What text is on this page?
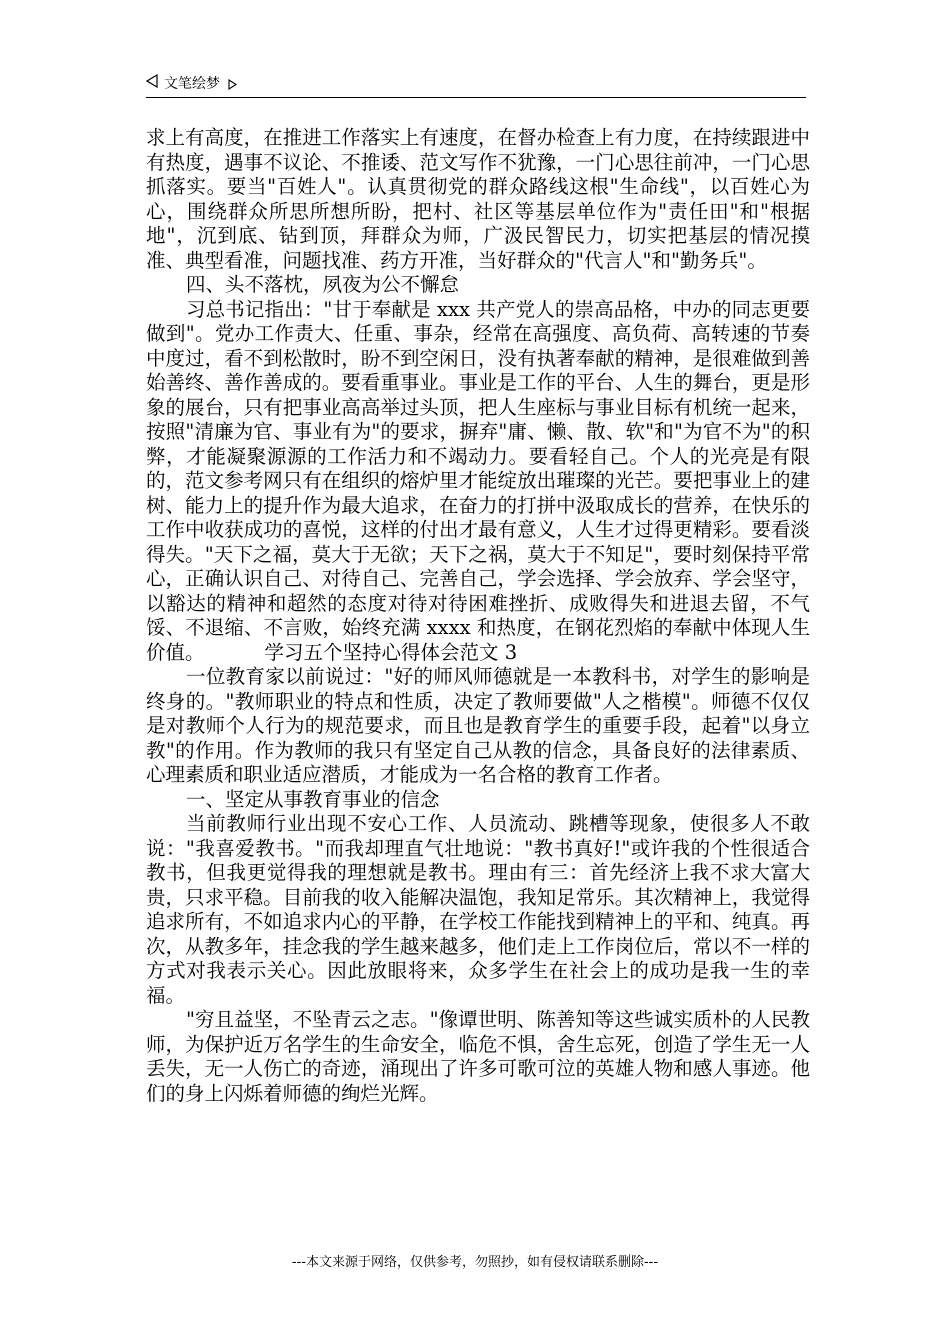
文笔绘梦

求上有高度，在推进工作落实上有速度，在督办检查上有力度，在持续跟进中有热度，遇事不议论、不推诿、范文写作不犹豫，一门心思往前冲，一门心思抓落实。要当"百姓人"。认真贯彻党的群众路线这根"生命线"，以百姓心为心，围绕群众所思所想所盼，把村、社区等基层单位作为"责任田"和"根据地"，沉到底、钻到顶，拜群众为师，广汲民智民力，切实把基层的情况摸准、典型看准，问题找准、药方开准，当好群众的"代言人"和"勤务兵"。

四、头不落枕，夙夜为公不懈怠

习总书记指出："甘于奉献是 xxx 共产党人的崇高品格，中办的同志更要做到"。党办工作责大、任重、事杂，经常在高强度、高负荷、高转速的节奏中度过，看不到松散时，盼不到空闲日，没有执著奉献的精神，是很难做到善始善终、善作善成的。要看重事业。事业是工作的平台、人生的舞台，更是形象的展台，只有把事业高高举过头顶，把人生座标与事业目标有机统一起来，按照"清廉为官、事业有为"的要求，摒弃"庸、懒、散、软"和"为官不为"的积弊，才能凝聚源源的工作活力和不竭动力。要看轻自己。个人的光亮是有限的，范文参考网只有在组织的熔炉里才能绽放出璀璨的光芒。要把事业上的建树、能力上的提升作为最大追求，在奋力的打拼中汲取成长的营养，在快乐的工作中收获成功的喜悦，这样的付出才最有意义，人生才过得更精彩。要看淡得失。"天下之福，莫大于无欲；天下之祸，莫大于不知足"，要时刻保持平常心，正确认识自己、对待自己、完善自己，学会选择、学会放弃、学会坚守，以豁达的精神和超然的态度对待对待困难挫折、成败得失和进退去留，不气馁、不退缩、不言败，始终充满 xxxx 和热度，在钢花烈焰的奉献中体现人生价值。	学习五个坚持心得体会范文 3

一位教育家以前说过："好的师风师德就是一本教科书，对学生的影响是终身的。"教师职业的特点和性质，决定了教师要做"人之楷模"。师德不仅仅是对教师个人行为的规范要求，而且也是教育学生的重要手段，起着"以身立教"的作用。作为教师的我只有坚定自己从教的信念，具备良好的法律素质、心理素质和职业适应潜质，才能成为一名合格的教育工作者。

一、坚定从事教育事业的信念

当前教师行业出现不安心工作、人员流动、跳槽等现象，使很多人不敢说："我喜爱教书。"而我却理直气壮地说："教书真好!"或许我的个性很适合教书，但我更觉得我的理想就是教书。理由有三：首先经济上我不求大富大贵，只求平稳。目前我的收入能解决温饱，我知足常乐。其次精神上，我觉得追求所有，不如追求内心的平静，在学校工作能找到精神上的平和、纯真。再次，从教多年，挂念我的学生越来越多，他们走上工作岗位后，常以不一样的方式对我表示关心。因此放眼将来，众多学生在社会上的成功是我一生的幸福。

"穷且益坚，不坠青云之志。"像谭世明、陈善知等这些诚实质朴的人民教师，为保护近万名学生的生命安全，临危不惧，舍生忘死，创造了学生无一人丢失，无一人伤亡的奇迹，涌现出了许多可歌可泣的英雄人物和感人事迹。他们的身上闪烁着师德的绚烂光辉。

---本文来源于网络，仅供参考，勿照抄，如有侵权请联系删除---
